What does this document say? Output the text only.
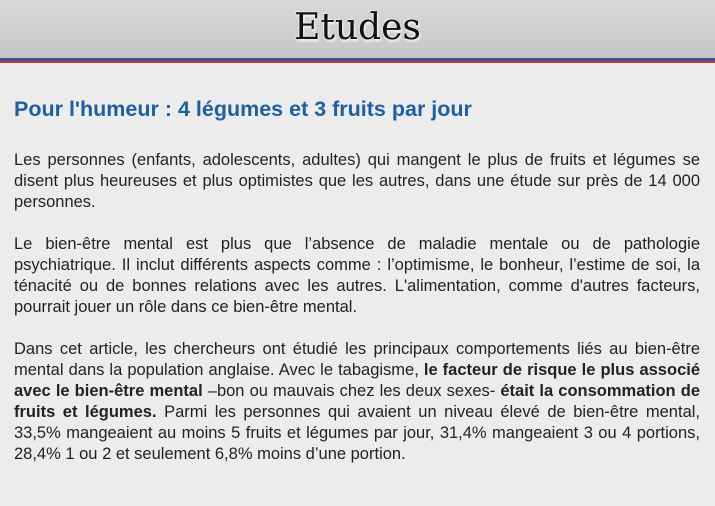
Etudes
Pour l'humeur : 4 légumes et 3 fruits par jour

Les personnes (enfants, adolescents, adultes) qui mangent le plus de fruits et légumes se disent plus heureuses et plus optimistes que les autres, dans une étude sur près de 14 000 personnes.

Le bien-être mental est plus que l’absence de maladie mentale ou de pathologie psychiatrique. Il inclut différents aspects comme : l’optimisme, le bonheur, l’estime de soi, la ténacité ou de bonnes relations avec les autres. L'alimentation, comme d'autres facteurs, pourrait jouer un rôle dans ce bien-être mental.

Dans cet article, les chercheurs ont étudié les principaux comportements liés au bien-être mental dans la population anglaise. Avec le tabagisme, le facteur de risque le plus associé avec le bien-être mental –bon ou mauvais chez les deux sexes- était la consommation de fruits et légumes. Parmi les personnes qui avaient un niveau élevé de bien-être mental, 33,5% mangeaient au moins 5 fruits et légumes par jour, 31,4% mangeaient 3 ou 4 portions, 28,4% 1 ou 2 et seulement 6,8% moins d’une portion.
